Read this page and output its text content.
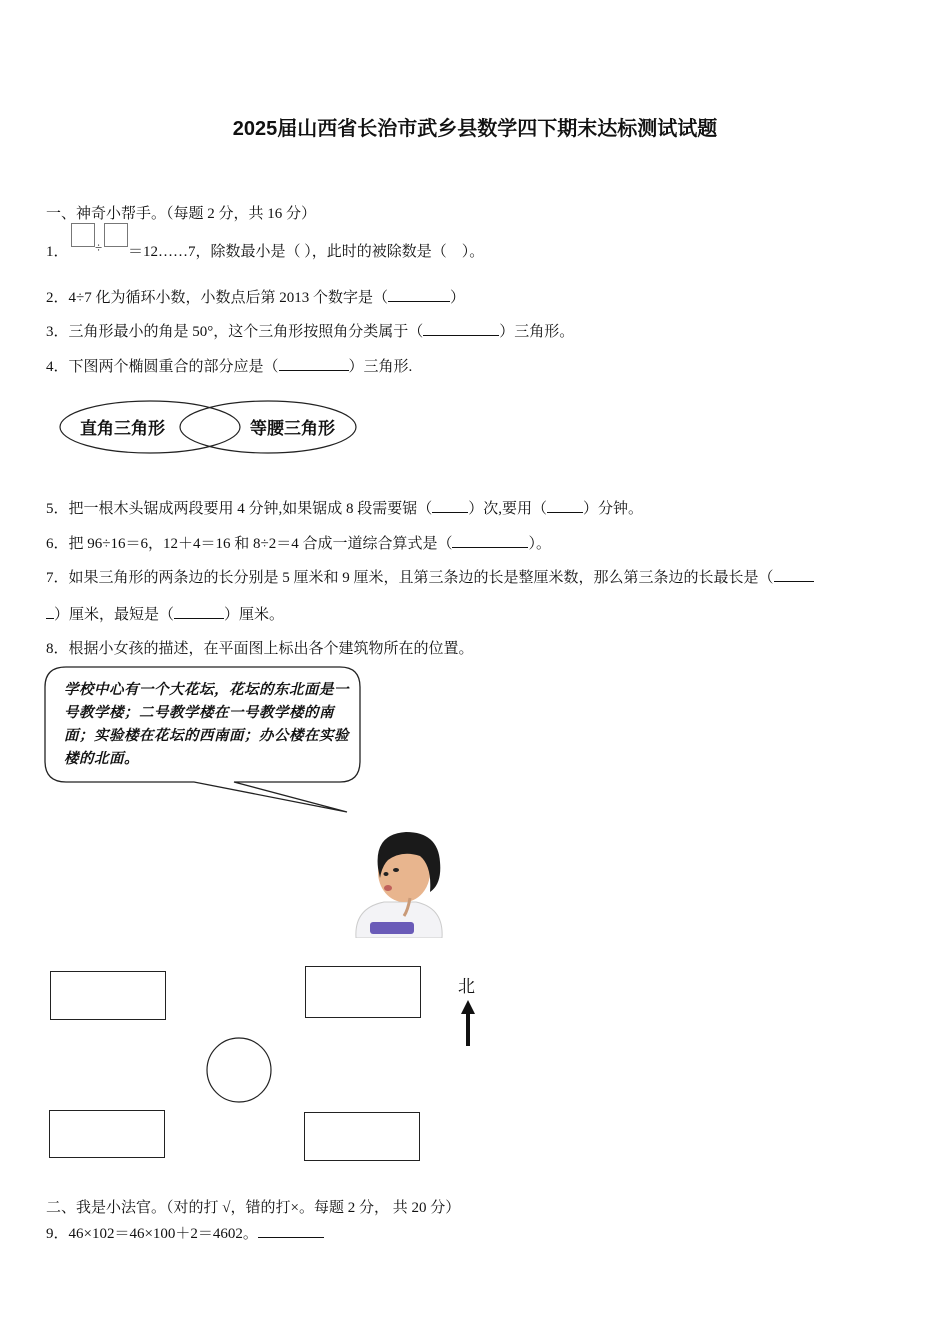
2025届山西省长治市武乡县数学四下期末达标测试试题
一、神奇小帮手。（每题 2 分，共 16 分）
1． ÷ ＝12……7，除数最小是（ ），此时的被除数是（　）。
2．4÷7 化为循环小数，小数点后第 2013 个数字是（	）
3．三角形最小的角是 50°，这个三角形按照角分类属于（	）三角形。
4．下图两个椭圆重合的部分应是（	）三角形.
直角三角形	等腰三角形
5．把一根木头锯成两段要用 4 分钟,如果锯成 8 段需要锯（ ）次,要用（ ）分钟。
6．把 96÷16＝6，12＋4＝16 和 8÷2＝4 合成一道综合算式是（	）。
7．如果三角形的两条边的长分别是 5 厘米和 9 厘米，且第三条边的长是整厘米数，那么第三条边的长最长是（
）厘米，最短是（	）厘米。
8．根据小女孩的描述，在平面图上标出各个建筑物所在的位置。
学校中心有一个大花坛，花坛的东北面是一号教学楼；二号教学楼在一号教学楼的南面；实验楼在花坛的西南面；办公楼在实验楼的北面。
北
二、我是小法官。（对的打 √，错的打×。每题 2 分， 共 20 分）
9．46×102＝46×100＋2＝4602。
